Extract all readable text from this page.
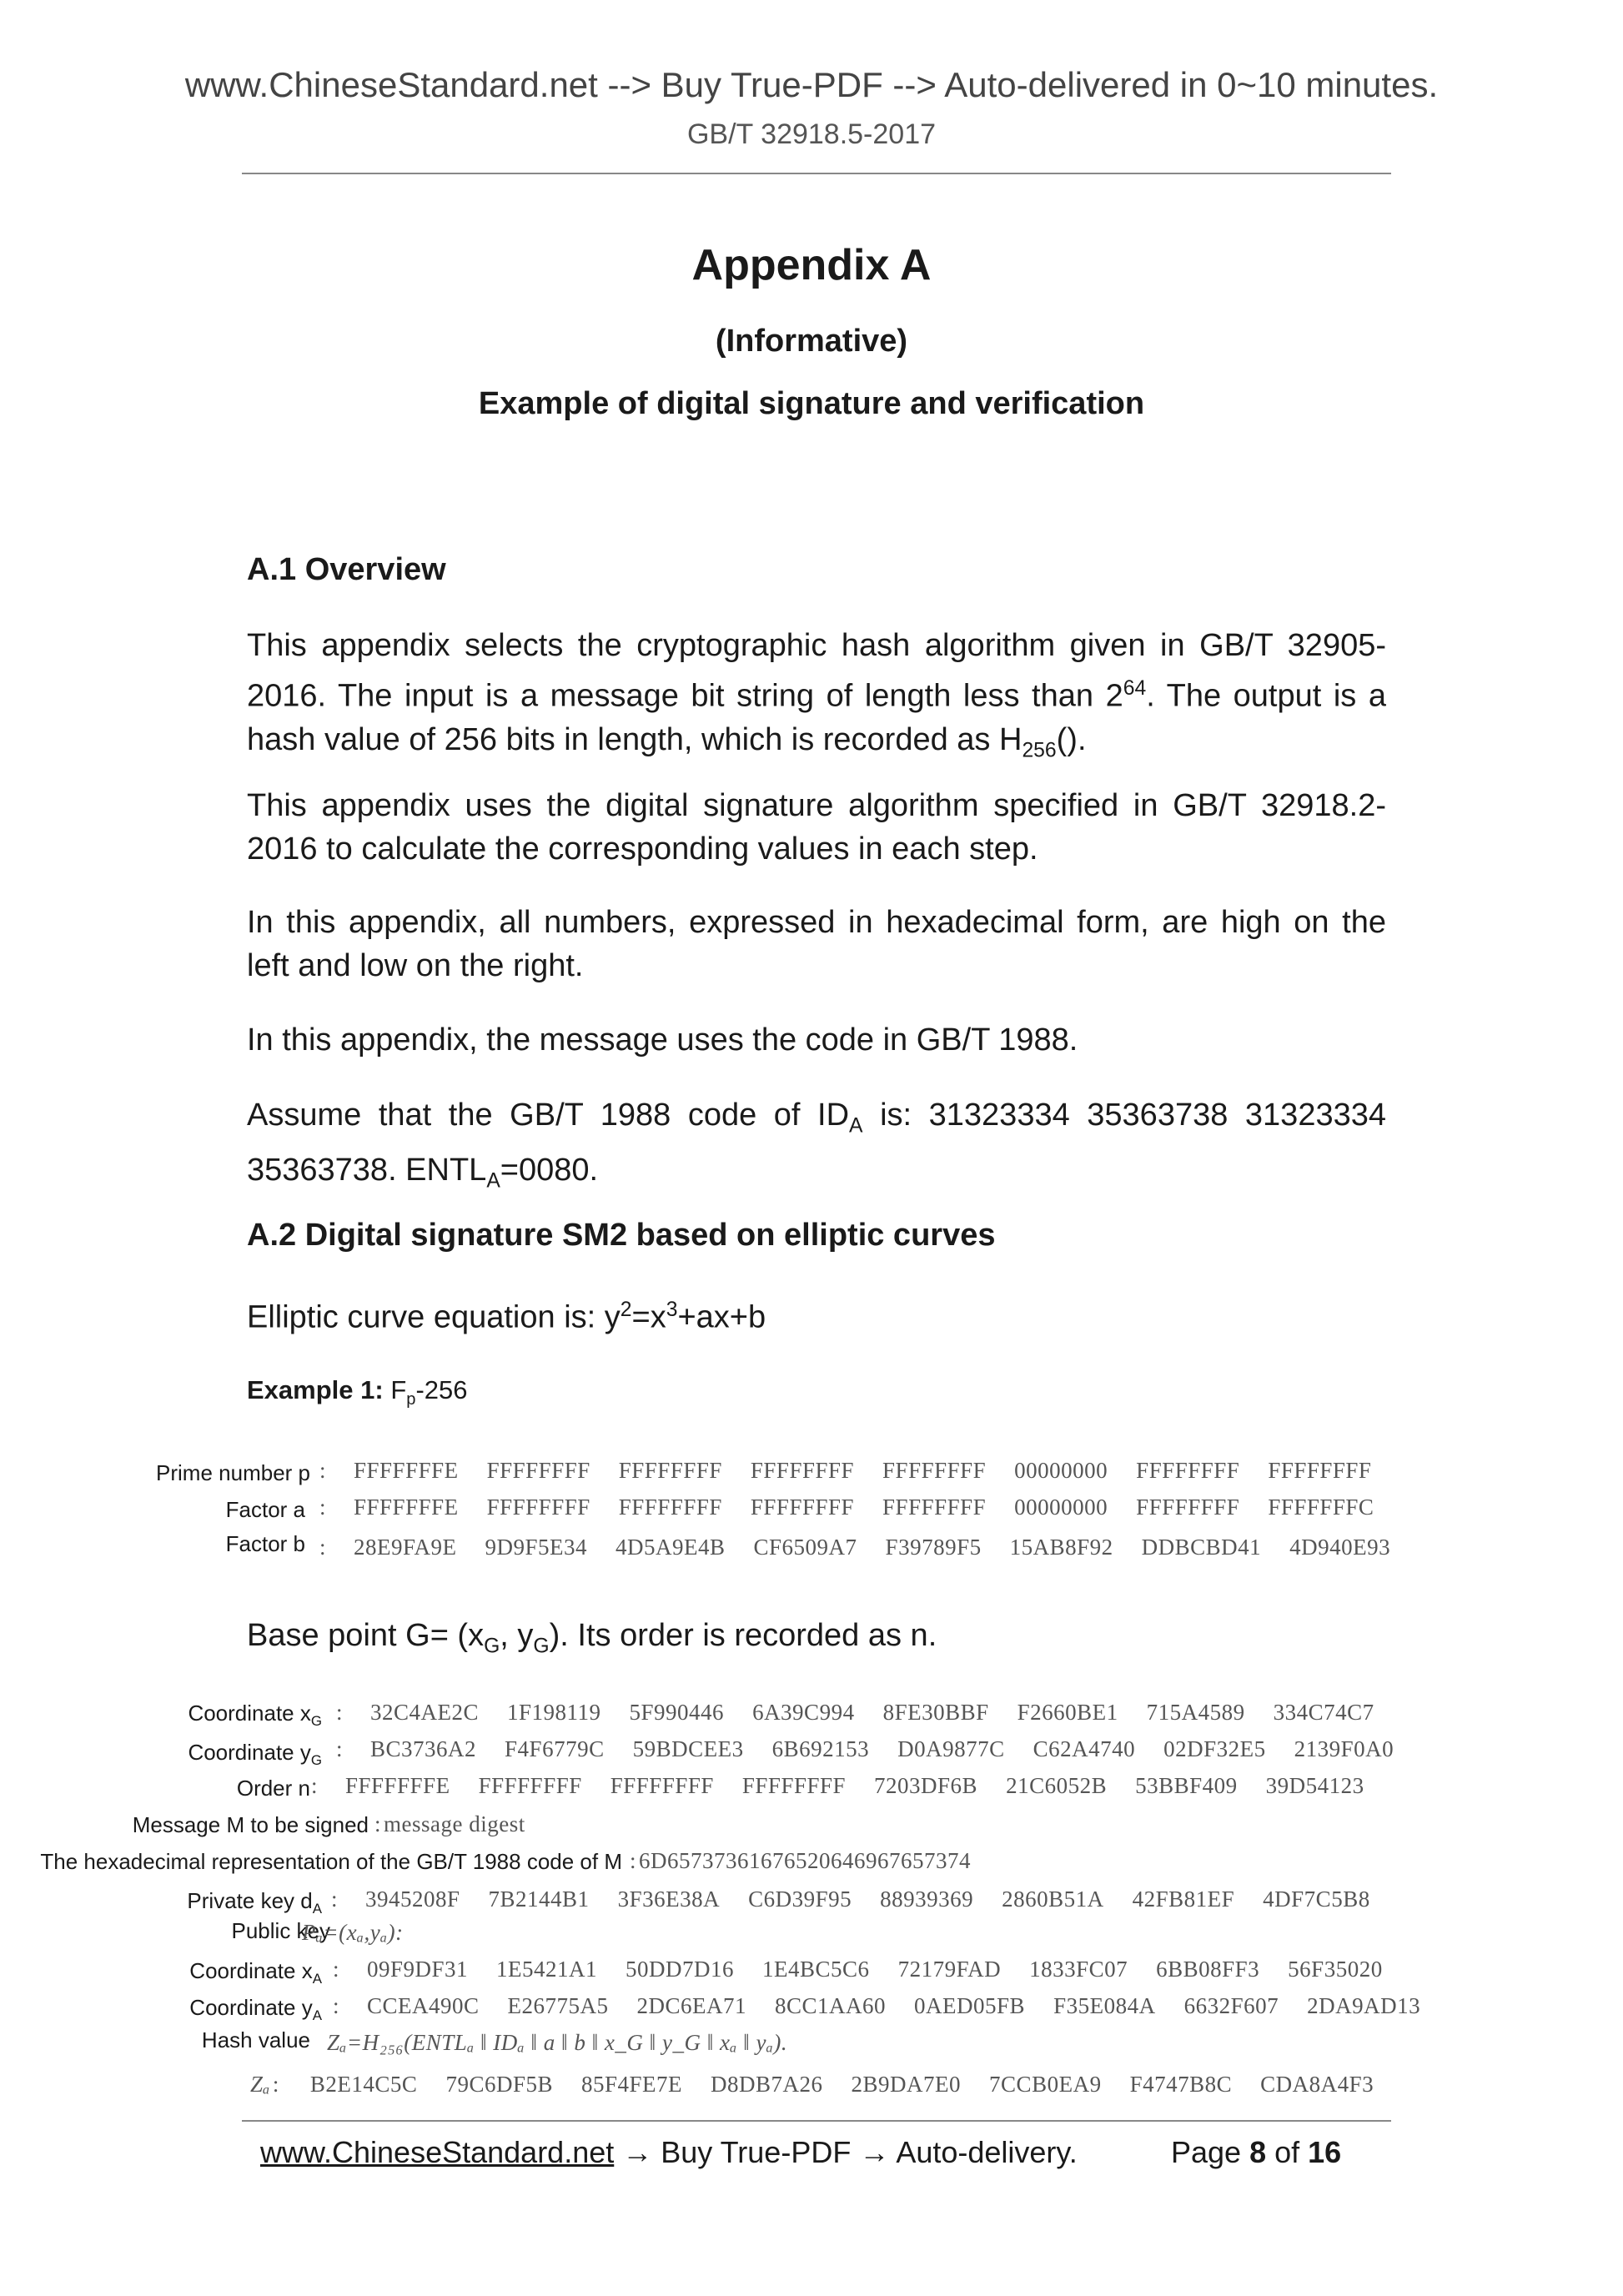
www.ChineseStandard.net --> Buy True-PDF --> Auto-delivered in 0~10 minutes.
GB/T 32918.5-2017
Appendix A
(Informative)
Example of digital signature and verification
A.1 Overview
This appendix selects the cryptographic hash algorithm given in GB/T 32905-2016. The input is a message bit string of length less than $2^{64}$. The output is a hash value of 256 bits in length, which is recorded as $H_{256}()$.
This appendix uses the digital signature algorithm specified in GB/T 32918.2-2016 to calculate the corresponding values in each step.
In this appendix, all numbers, expressed in hexadecimal form, are high on the left and low on the right.
In this appendix, the message uses the code in GB/T 1988.
Assume that the GB/T 1988 code of $ID_A$ is: 31323334 35363738 31323334 35363738. $ENTL_A=0080$.
A.2 Digital signature SM2 based on elliptic curves
Elliptic curve equation is: $y^2=x^3+ax+b$
Example 1: $F_p-256$
Prime number p : FFFFFFFE FFFFFFFF FFFFFFFF FFFFFFFF FFFFFFFF 00000000 FFFFFFFF FFFFFFFF
Factor a : FFFFFFFE FFFFFFFF FFFFFFFF FFFFFFFF FFFFFFFF 00000000 FFFFFFFF FFFFFFFC
Factor b : 28E9FA9E 9D9F5E34 4D5A9E4B CF6509A7 F39789F5 15AB8F92 DDBCBD41 4D940E93
Base point $G= (x_G$, $y_G$). Its order is recorded as n.
Coordinate $x_G$ : 32C4AE2C 1F198119 5F990446 6A39C994 8FE30BBF F2660BE1 715A4589 334C74C7
Coordinate $y_G$ : BC3736A2 F4F6779C 59BDCEE3 6B692153 D0A9877C C62A4740 02DF32E5 2139F0A0
Order n : FFFFFFFE FFFFFFFF FFFFFFFF FFFFFFFF 7203DF6B 21C6052B 53BBF409 39D54123
Message M to be signed : message digest
The hexadecimal representation of the GB/T 1988 code of M : 6D65737361676520646967657374
Private key $d_A$ : 3945208F 7B2144B1 3F36E38A C6D39F95 88939369 2860B51A 42FB81EF 4DF7C5B8
Public key
Pₐ=(xₐ,yₐ):
Coordinate $x_A$ : 09F9DF31 1E5421A1 50DD7D16 1E4BC5C6 72179FAD 1833FC07 6BB08FF3 56F35020
Coordinate $y_A$ : CCEA490C E26775A5 2DC6EA71 8CC1AA60 0AED05FB F35E084A 6632F607 2DA9AD13
Hash value Zₐ=H₂₅₆(ENTLₐ ‖ IDₐ ‖ a ‖ b ‖ x_G ‖ y_G ‖ xₐ ‖ yₐ).
Zₐ : B2E14C5C 79C6DF5B 85F4FE7E D8DB7A26 2B9DA7E0 7CCB0EA9 F4747B8C CDA8A4F3
www.ChineseStandard.net → Buy True-PDF → Auto-delivery.	Page 8 of 16
